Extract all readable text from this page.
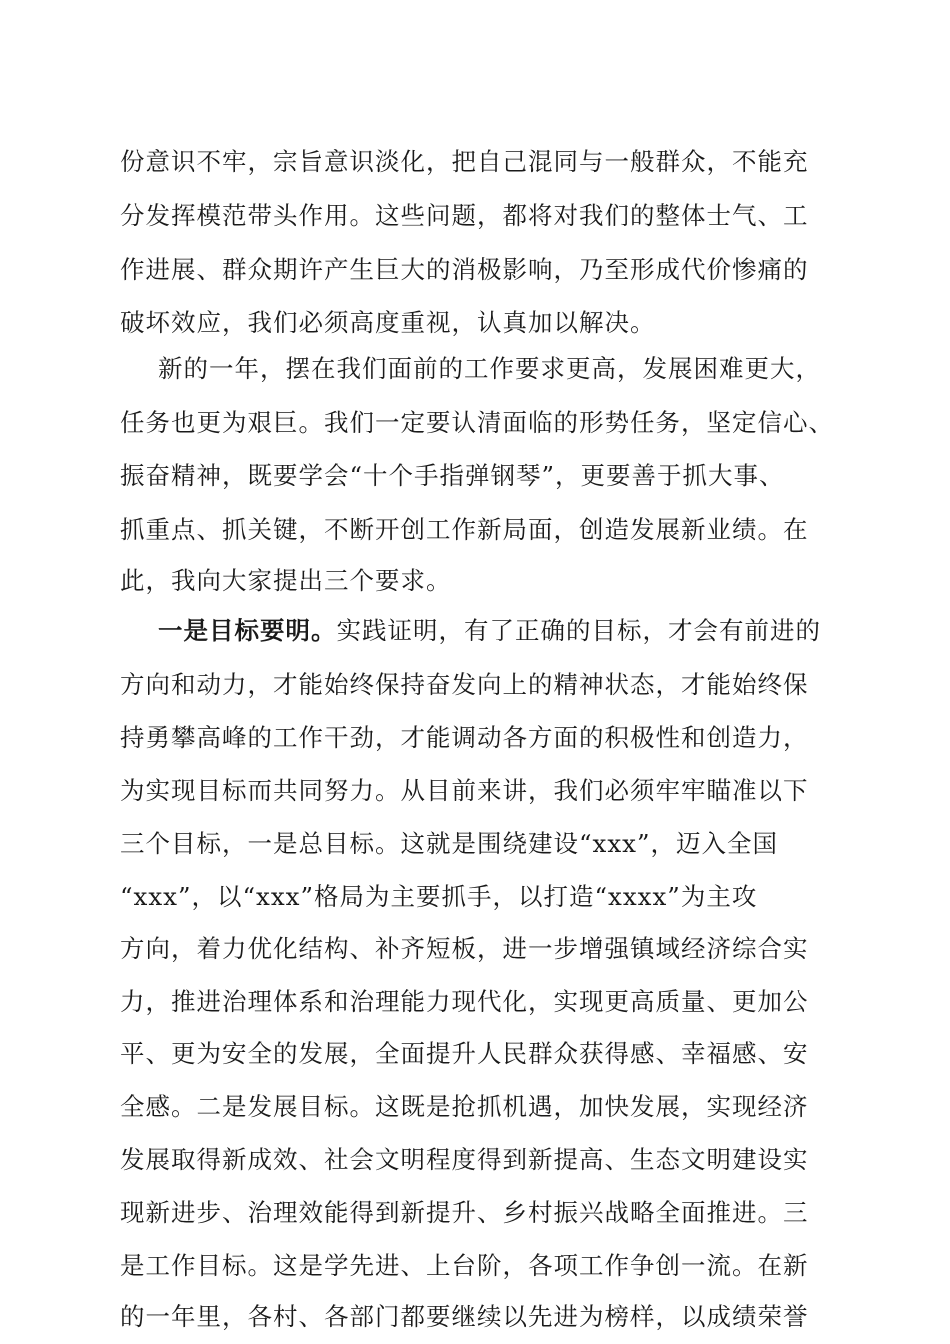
份意识不牢，宗旨意识淡化，把自己混同与一般群众，不能充
分发挥模范带头作用。这些问题，都将对我们的整体士气、工
作进展、群众期许产生巨大的消极影响，乃至形成代价惨痛的
破坏效应，我们必须高度重视，认真加以解决。
新的一年，摆在我们面前的工作要求更高，发展困难更大，
任务也更为艰巨。我们一定要认清面临的形势任务，坚定信心、
振奋精神，既要学会“十个手指弹钢琴”，更要善于抓大事、
抓重点、抓关键，不断开创工作新局面，创造发展新业绩。在
此，我向大家提出三个要求。
一是目标要明。实践证明，有了正确的目标，才会有前进的
方向和动力，才能始终保持奋发向上的精神状态，才能始终保
持勇攀高峰的工作干劲，才能调动各方面的积极性和创造力，
为实现目标而共同努力。从目前来讲，我们必须牢牢瞄准以下
三个目标，一是总目标。这就是围绕建设“xxx”，迈入全国
“xxx”，以“xxx”格局为主要抓手，以打造“xxxx”为主攻
方向，着力优化结构、补齐短板，进一步增强镇域经济综合实
力，推进治理体系和治理能力现代化，实现更高质量、更加公
平、更为安全的发展，全面提升人民群众获得感、幸福感、安
全感。二是发展目标。这既是抢抓机遇，加快发展，实现经济
发展取得新成效、社会文明程度得到新提高、生态文明建设实
现新进步、治理效能得到新提升、乡村振兴战略全面推进。三
是工作目标。这是学先进、上台阶，各项工作争创一流。在新
的一年里，各村、各部门都要继续以先进为榜样，以成绩荣誉
